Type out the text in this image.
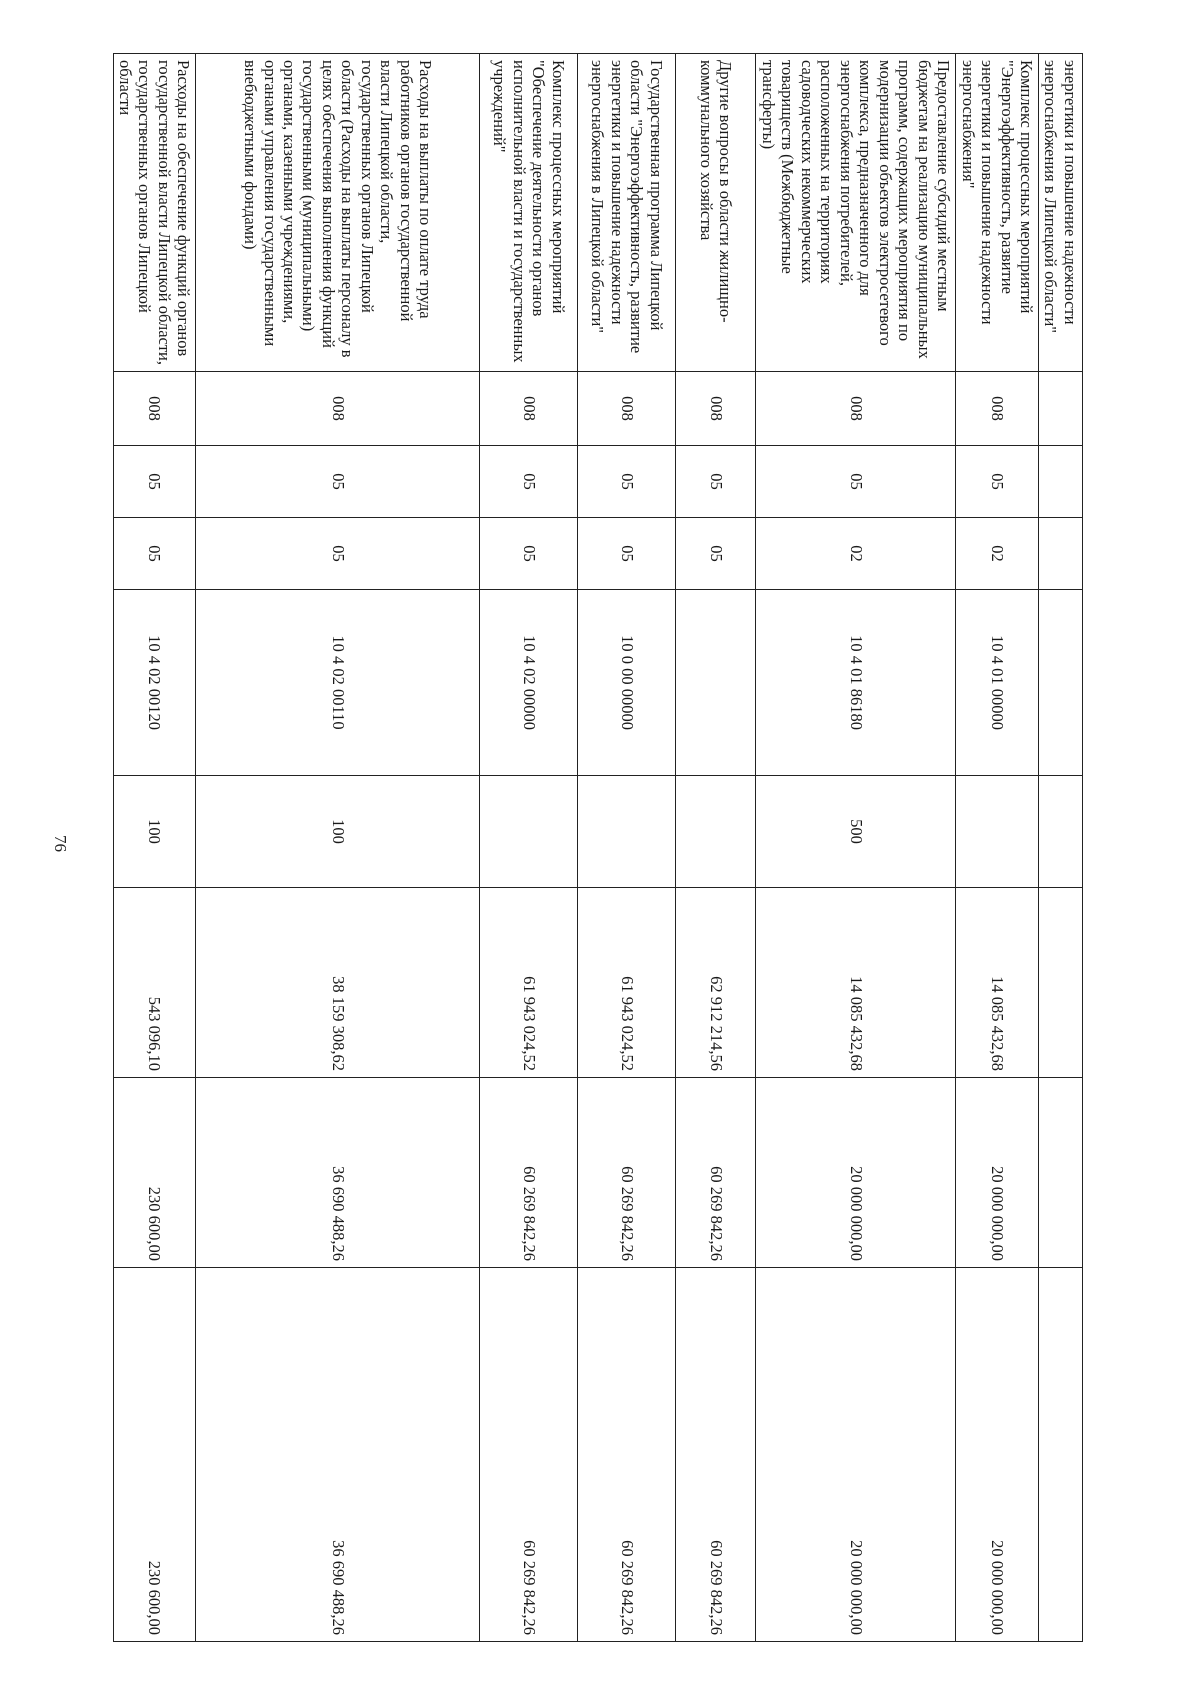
76
энергетики и повышение надежности энергоснабжения в Липецкой области"								

Комплекс процессных мероприятий "Энергоэффективность, развитие энергетики и повышение надежности энергоснабжения"	008	05	02	10 4 01 00000		14 085 432,68	20 000 000,00	20 000 000,00

Предоставление субсидий местным бюджетам на реализацию муниципальных программ, содержащих мероприятия по модернизации объектов электросетевого комплекса, предназначенного для энергоснабжения потребителей, расположенных на территориях садоводческих некоммерческих товариществ (Межбюджетные трансферты)	008	05	02	10 4 01 86180	500	14 085 432,68	20 000 000,00	20 000 000,00

Другие вопросы в области жилищно-коммунального хозяйства	008	05	05			62 912 214,56	60 269 842,26	60 269 842,26

Государственная программа Липецкой области "Энергоэффективность, развитие энергетики и повышение надежности энергоснабжения в Липецкой области"	008	05	05	10 0 00 00000		61 943 024,52	60 269 842,26	60 269 842,26

Комплекс процессных мероприятий "Обеспечение деятельности органов исполнительной власти и государственных учреждений"	008	05	05	10 4 02 00000		61 943 024,52	60 269 842,26	60 269 842,26

Расходы на выплаты по оплате труда работников органов государственной власти Липецкой области, государственных органов Липецкой области (Расходы на выплаты персоналу в целях обеспечения выполнения функций государственными (муниципальными) органами, казенными учреждениями, органами управления государственными внебюджетными фондами)	008	05	05	10 4 02 00110	100	38 159 308,62	36 690 488,26	36 690 488,26

Расходы на обеспечение функций органов государственной власти Липецкой области, государственных органов Липецкой области	008	05	05	10 4 02 00120	100	543 096,10	230 600,00	230 600,00
